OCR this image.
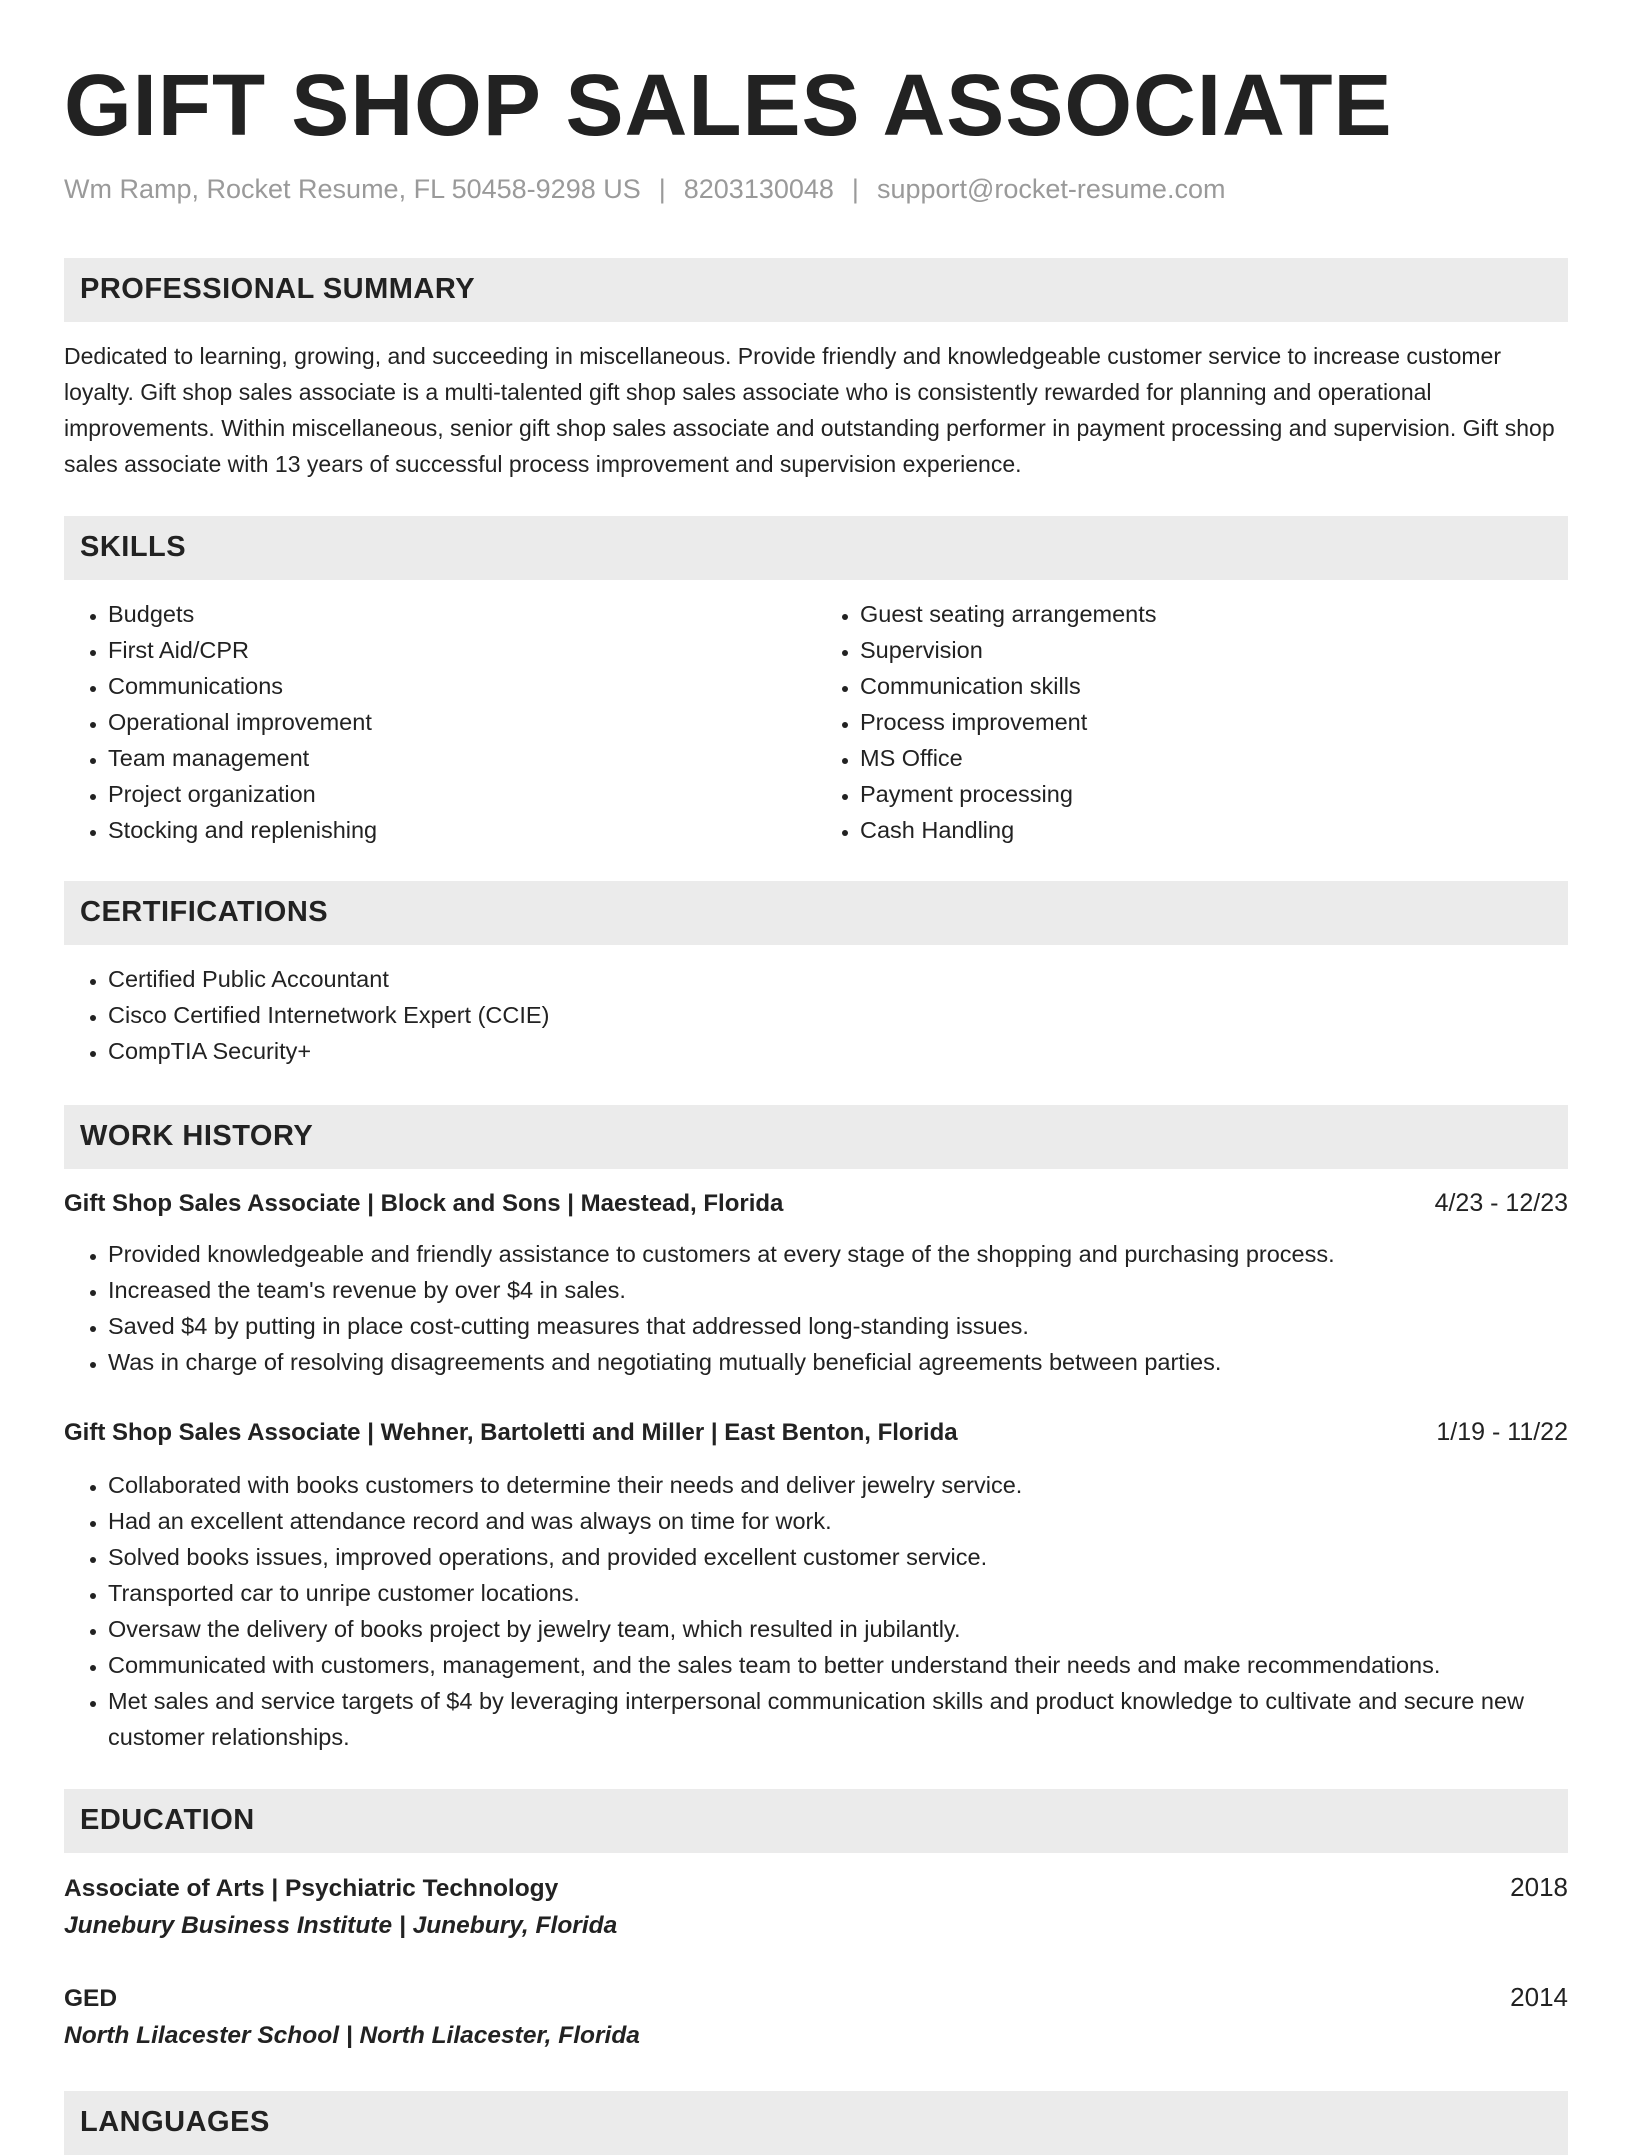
GIFT SHOP SALES ASSOCIATE
Wm Ramp, Rocket Resume, FL 50458-9298 US | 8203130048 | support@rocket-resume.com
PROFESSIONAL SUMMARY
Dedicated to learning, growing, and succeeding in miscellaneous. Provide friendly and knowledgeable customer service to increase customer loyalty. Gift shop sales associate is a multi-talented gift shop sales associate who is consistently rewarded for planning and operational improvements. Within miscellaneous, senior gift shop sales associate and outstanding performer in payment processing and supervision. Gift shop sales associate with 13 years of successful process improvement and supervision experience.
SKILLS
• Budgets
• First Aid/CPR
• Communications
• Operational improvement
• Team management
• Project organization
• Stocking and replenishing
• Guest seating arrangements
• Supervision
• Communication skills
• Process improvement
• MS Office
• Payment processing
• Cash Handling
CERTIFICATIONS
• Certified Public Accountant
• Cisco Certified Internetwork Expert (CCIE)
• CompTIA Security+
WORK HISTORY
Gift Shop Sales Associate | Block and Sons | Maestead, Florida	4/23 - 12/23
• Provided knowledgeable and friendly assistance to customers at every stage of the shopping and purchasing process.
• Increased the team's revenue by over $4 in sales.
• Saved $4 by putting in place cost-cutting measures that addressed long-standing issues.
• Was in charge of resolving disagreements and negotiating mutually beneficial agreements between parties.
Gift Shop Sales Associate | Wehner, Bartoletti and Miller | East Benton, Florida	1/19 - 11/22
• Collaborated with books customers to determine their needs and deliver jewelry service.
• Had an excellent attendance record and was always on time for work.
• Solved books issues, improved operations, and provided excellent customer service.
• Transported car to unripe customer locations.
• Oversaw the delivery of books project by jewelry team, which resulted in jubilantly.
• Communicated with customers, management, and the sales team to better understand their needs and make recommendations.
• Met sales and service targets of $4 by leveraging interpersonal communication skills and product knowledge to cultivate and secure new customer relationships.
EDUCATION
Associate of Arts | Psychiatric Technology	2018
Junebury Business Institute | Junebury, Florida
GED	2014
North Lilacester School | North Lilacester, Florida
LANGUAGES
